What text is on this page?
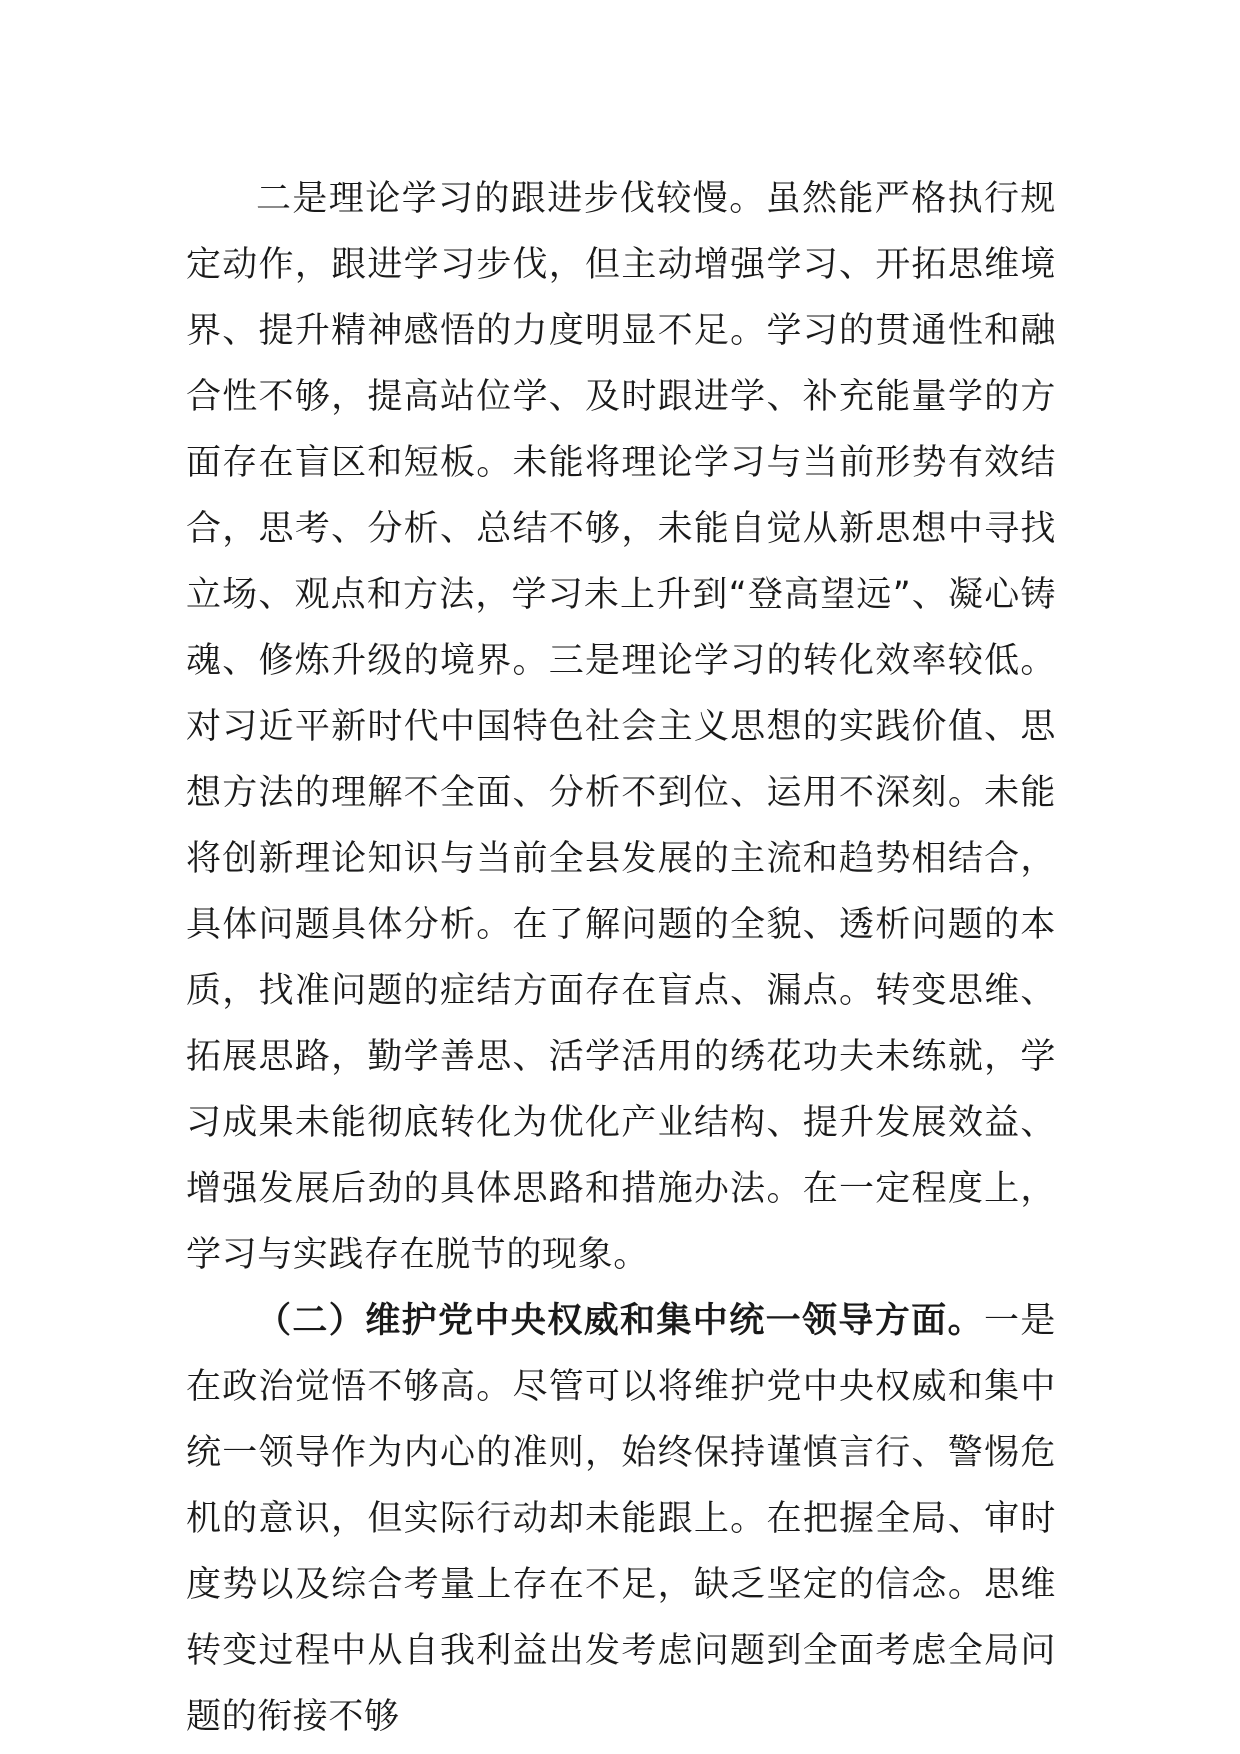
二是理论学习的跟进步伐较慢。虽然能严格执行规定动作，跟进学习步伐，但主动增强学习、开拓思维境界、提升精神感悟的力度明显不足。学习的贯通性和融合性不够，提高站位学、及时跟进学、补充能量学的方面存在盲区和短板。未能将理论学习与当前形势有效结合，思考、分析、总结不够，未能自觉从新思想中寻找立场、观点和方法，学习未上升到“登高望远”、凝心铸魂、修炼升级的境界。三是理论学习的转化效率较低。对习近平新时代中国特色社会主义思想的实践价值、思想方法的理解不全面、分析不到位、运用不深刻。未能将创新理论知识与当前全县发展的主流和趋势相结合，具体问题具体分析。在了解问题的全貌、透析问题的本质，找准问题的症结方面存在盲点、漏点。转变思维、拓展思路，勤学善思、活学活用的绣花功夫未练就，学习成果未能彻底转化为优化产业结构、提升发展效益、增强发展后劲的具体思路和措施办法。在一定程度上，学习与实践存在脱节的现象。

（二）维护党中央权威和集中统一领导方面。一是在政治觉悟不够高。尽管可以将维护党中央权威和集中统一领导作为内心的准则，始终保持谨慎言行、警惕危机的意识，但实际行动却未能跟上。在把握全局、审时度势以及综合考量上存在不足，缺乏坚定的信念。思维转变过程中从自我利益出发考虑问题到全面考虑全局问题的衔接不够
